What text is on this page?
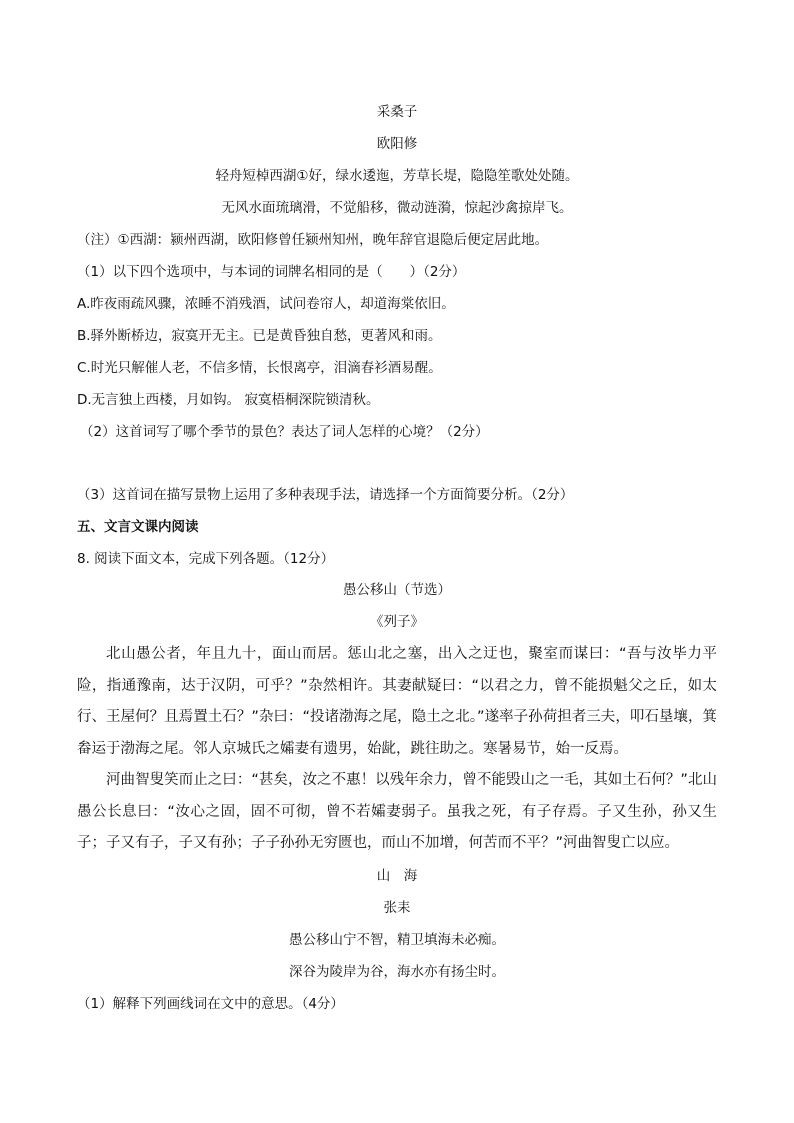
采桑子
欧阳修
轻舟短棹西湖①好，绿水逶迤，芳草长堤，隐隐笙歌处处随。
无风水面琉璃滑，不觉船移，微动涟漪，惊起沙禽掠岸飞。
（注）①西湖：颍州西湖，欧阳修曾任颍州知州，晚年辞官退隐后便定居此地。
（1）以下四个选项中，与本词的词牌名相同的是（　　）（2分）
A.昨夜雨疏风骤，浓睡不消残酒，试问卷帘人，却道海棠依旧。
B.驿外断桥边，寂寞开无主。已是黄昏独自愁，更著风和雨。
C.时光只解催人老，不信多情，长恨离亭，泪滴春衫酒易醒。
D.无言独上西楼，月如钩。 寂寞梧桐深院锁清秋。
（2）这首词写了哪个季节的景色？表达了词人怎样的心境？（2分）
（3）这首词在描写景物上运用了多种表现手法，请选择一个方面简要分析。（2分）
五、文言文课内阅读
8. 阅读下面文本，完成下列各题。（12分）
愚公移山（节选）
《列子》

北山愚公者，年且九十，面山而居。惩山北之塞，出入之迂也，聚室而谋曰：“吾与汝毕力平险，指通豫南，达于汉阴，可乎？”杂然相许。其妻献疑曰：“以君之力，曾不能损魁父之丘，如太行、王屋何？且焉置土石？”杂曰：“投诸渤海之尾，隐土之北。”遂率子孙荷担者三夫，叩石垦壤，箕畚运于渤海之尾。邻人京城氏之孀妻有遗男，始龀，跳往助之。寒暑易节，始一反焉。

河曲智叟笑而止之曰：“甚矣，汝之不惠！以残年余力，曾不能毁山之一毛，其如土石何？”北山愚公长息曰：“汝心之固，固不可彻，曾不若孀妻弱子。虽我之死，有子存焉。子又生孙，孙又生子；子又有子，子又有孙；子子孙孙无穷匮也，而山不加增，何苦而不平？”河曲智叟亡以应。

山　海
张耒
愚公移山宁不智，精卫填海未必痴。
深谷为陵岸为谷，海水亦有扬尘时。
（1）解释下列画线词在文中的意思。（4分）
